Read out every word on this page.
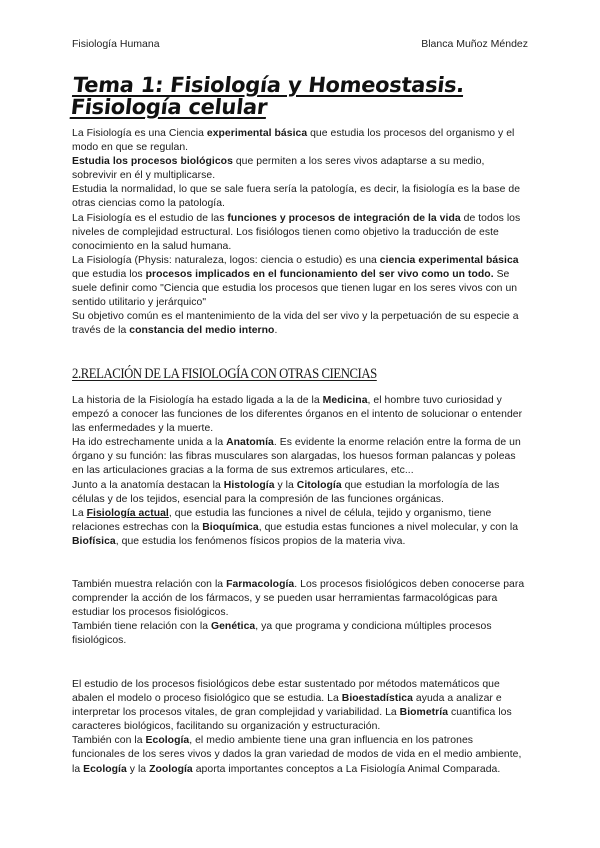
Fisiología Humana	Blanca Muñoz Méndez
Tema 1: Fisiología y Homeostasis. Fisiología celular

La Fisiología es una Ciencia experimental básica que estudia los procesos del organismo y el modo en que se regulan.

Estudia los procesos biológicos que permiten a los seres vivos adaptarse a su medio, sobrevivir en él y multiplicarse.

Estudia la normalidad, lo que se sale fuera sería la patología, es decir, la fisiología es la base de otras ciencias como la patología.

La Fisiología es el estudio de las funciones y procesos de integración de la vida de todos los niveles de complejidad estructural. Los fisiólogos tienen como objetivo la traducción de este conocimiento en la salud humana.

La Fisiología (Physis: naturaleza, logos: ciencia o estudio) es una ciencia experimental básica que estudia los procesos implicados en el funcionamiento del ser vivo como un todo. Se suele definir como "Ciencia que estudia los procesos que tienen lugar en los seres vivos con un sentido utilitario y jerárquico"

Su objetivo común es el mantenimiento de la vida del ser vivo y la perpetuación de su especie a través de la constancia del medio interno.

2.RELACIÓN DE LA FISIOLOGÍA CON OTRAS CIENCIAS

La historia de la Fisiología ha estado ligada a la de la Medicina, el hombre tuvo curiosidad y empezó a conocer las funciones de los diferentes órganos en el intento de solucionar o entender las enfermedades y la muerte.

Ha ido estrechamente unida a la Anatomía. Es evidente la enorme relación entre la forma de un órgano y su función: las fibras musculares son alargadas, los huesos forman palancas y poleas en las articulaciones gracias a la forma de sus extremos articulares, etc...

Junto a la anatomía destacan la Histología y la Citología que estudian la morfología de las células y de los tejidos, esencial para la compresión de las funciones orgánicas.

La Fisiología actual, que estudia las funciones a nivel de célula, tejido y organismo, tiene relaciones estrechas con la Bioquímica, que estudia estas funciones a nivel molecular, y con la Biofísica, que estudia los fenómenos físicos propios de la materia viva.

También muestra relación con la Farmacología. Los procesos fisiológicos deben conocerse para comprender la acción de los fármacos, y se pueden usar herramientas farmacológicas para estudiar los procesos fisiológicos.

También tiene relación con la Genética, ya que programa y condiciona múltiples procesos fisiológicos.

El estudio de los procesos fisiológicos debe estar sustentado por métodos matemáticos que abalen el modelo o proceso fisiológico que se estudia. La Bioestadística ayuda a analizar e interpretar los procesos vitales, de gran complejidad y variabilidad. La Biometría cuantifica los caracteres biológicos, facilitando su organización y estructuración.

También con la Ecología, el medio ambiente tiene una gran influencia en los patrones funcionales de los seres vivos y dados la gran variedad de modos de vida en el medio ambiente, la Ecología y la Zoología aporta importantes conceptos a La Fisiología Animal Comparada.
